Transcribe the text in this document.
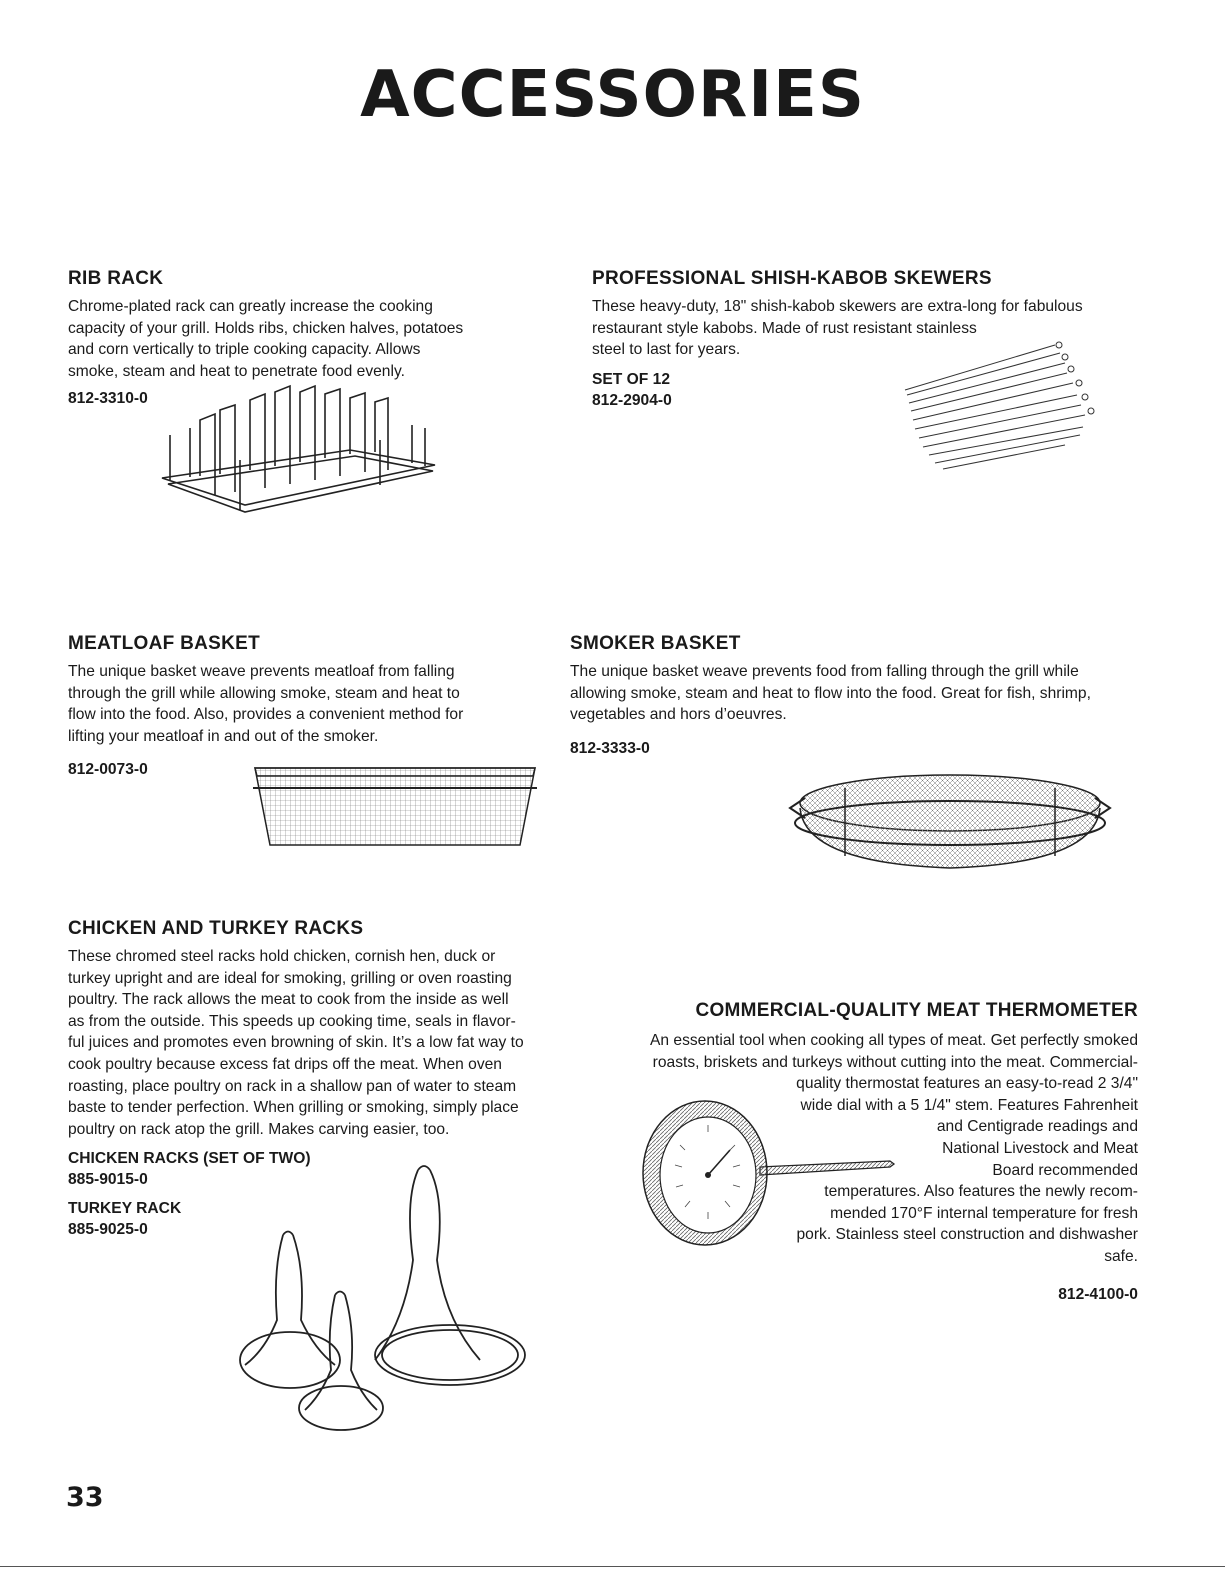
ACCESSORIES
RIB RACK

Chrome-plated rack can greatly increase the cooking

capacity of your grill. Holds ribs, chicken halves, potatoes

and corn vertically to triple cooking capacity. Allows

smoke, steam and heat to penetrate food evenly.

812-3310-0

PROFESSIONAL SHISH-KABOB SKEWERS

These heavy-duty, 18" shish-kabob skewers are extra-long for fabulous

restaurant style kabobs. Made of rust resistant stainless

steel to last for years.

SET OF 12

812-2904-0

MEATLOAF BASKET

The unique basket weave prevents meatloaf from falling

through the grill while allowing smoke, steam and heat to

flow into the food. Also, provides a convenient method for

lifting your meatloaf in and out of the smoker.

812-0073-0

SMOKER BASKET

The unique basket weave prevents food from falling through the grill while

allowing smoke, steam and heat to flow into the food. Great for fish, shrimp,

vegetables and hors d’oeuvres.

812-3333-0

CHICKEN AND TURKEY RACKS

These chromed steel racks hold chicken, cornish hen, duck or

turkey upright and are ideal for smoking, grilling or oven roasting

poultry. The rack allows the meat to cook from the inside as well

as from the outside. This speeds up cooking time, seals in flavor-

ful juices and promotes even browning of skin. It’s a low fat way to

cook poultry because excess fat drips off the meat. When oven

roasting, place poultry on rack in a shallow pan of water to steam

baste to tender perfection. When grilling or smoking, simply place

poultry on rack atop the grill. Makes carving easier, too.

CHICKEN RACKS (SET OF TWO)

885-9015-0

TURKEY RACK

885-9025-0

COMMERCIAL-QUALITY MEAT THERMOMETER

An essential tool when cooking all types of meat. Get perfectly smoked

roasts, briskets and turkeys without cutting into the meat. Commercial-

quality thermostat features an easy-to-read 2 3/4"

wide dial with a 5 1/4" stem. Features Fahrenheit

and Centigrade readings and

National Livestock and Meat

Board recommended

temperatures. Also features the newly recom-

mended 170°F internal temperature for fresh

pork. Stainless steel construction and dishwasher

safe.

812-4100-0

33
